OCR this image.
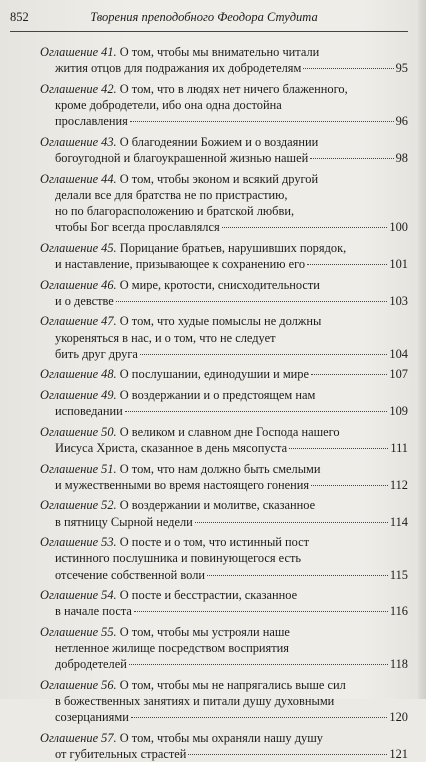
852	Творения преподобного Феодора Студита
Оглашение 41. О том, чтобы мы внимательно читали
жития отцов для подражания их добродетелям	95
Оглашение 42. О том, что в людях нет ничего блаженного,
кроме добродетели, ибо она одна достойна
прославления	96
Оглашение 43. О благодеянии Божием и о воздаянии
богоугодной и благоукрашенной жизнью нашей	98
Оглашение 44. О том, чтобы эконом и всякий другой
делали все для братства не по пристрастию,
но по благорасположению и братской любви,
чтобы Бог всегда прославлялся	100
Оглашение 45. Порицание братьев, нарушивших порядок,
и наставление, призывающее к сохранению его	101
Оглашение 46. О мире, кротости, снисходительности
и о девстве	103
Оглашение 47. О том, что худые помыслы не должны
укореняться в нас, и о том, что не следует
бить друг друга	104
Оглашение 48. О послушании, единодушии и мире	107
Оглашение 49. О воздержании и о предстоящем нам
исповедании	109
Оглашение 50. О великом и славном дне Господа нашего
Иисуса Христа, сказанное в день мясопуста	111
Оглашение 51. О том, что нам должно быть смелыми
и мужественными во время настоящего гонения	112
Оглашение 52. О воздержании и молитве, сказанное
в пятницу Сырной недели	114
Оглашение 53. О посте и о том, что истинный пост
истинного послушника и повинующегося есть
отсечение собственной воли	115
Оглашение 54. О посте и бесстрастии, сказанное
в начале поста	116
Оглашение 55. О том, чтобы мы устрояли наше
нетленное жилище посредством восприятия
добродетелей	118
Оглашение 56. О том, чтобы мы не напрягались выше сил
в божественных занятиях и питали душу духовными
созерцаниями	120
Оглашение 57. О том, чтобы мы охраняли нашу душу
от губительных страстей	121
